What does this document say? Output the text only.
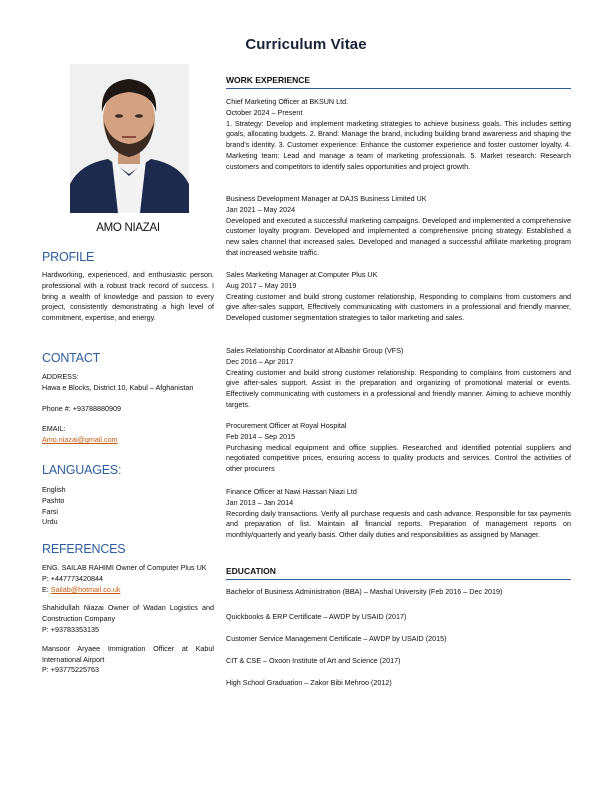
Curriculum Vitae
AMO NIAZAI
PROFILE
Hardworking, experienced, and enthusiastic person. professional with a robust track record of success. I bring a wealth of knowledge and passion to every project, consistently demonstrating a high level of commitment, expertise, and energy.
CONTACT
ADDRESS:
Hawa e Blocks, District 10, Kabul – Afghanistan
Phone #: +93788880909
EMAIL:
Amo.niazai@gmail.com
LANGUAGES:
English
Pashto
Farsi
Urdu
REFERENCES
ENG. SAILAB RAHIMI Owner of Computer Plus UK
P: +447773420844
E: Sailab@hotmail.co.uk
Shahidullah Niazai Owner of Wadan Logistics and Construction Company
P: +93783353135
Mansoor Aryaee Immigration Officer at Kabul International Airport
P: +93775225763
WORK EXPERIENCE
Chief Marketing Officer at BKSUN Ltd.
October 2024 – Present
1. Strategy: Develop and implement marketing strategies to achieve business goals. This includes setting goals, allocating budgets. 2. Brand: Manage the brand, including building brand awareness and shaping the brand's identity. 3. Customer experience: Enhance the customer experience and foster customer loyalty. 4. Marketing team: Lead and manage a team of marketing professionals. 5. Market research: Research customers and competitors to identify sales opportunities and project growth.
Business Development Manager at DAJS Business Limited UK
Jan 2021 – May 2024
Developed and executed a successful marketing campaigns. Developed and implemented a comprehensive customer loyalty program. Developed and implemented a comprehensive pricing strategy. Established a new sales channel that increased sales. Developed and managed a successful affiliate marketing program that increased website traffic.
Sales Marketing Manager at Computer Plus UK
Aug 2017 – May 2019
Creating customer and build strong customer relationship, Responding to complains from customers and give after-sales support, Effectively communicating with customers in a professional and friendly manner, Developed customer segmentation strategies to tailor marketing and sales.
Sales Relationship Coordinator at Albashir Group (VFS)
Dec 2016 – Apr 2017
Creating customer and build strong customer relationship. Responding to complains from customers and give after-sales support. Assist in the preparation and organizing of promotional material or events. Effectively communicating with customers in a professional and friendly manner. Aiming to achieve monthly targets.
Procurement Officer at Royal Hospital
Feb 2014 – Sep 2015
Purchasing medical equipment and office supplies. Researched and identified potential suppliers and negotiated competitive prices, ensuring access to quality products and services. Control the activities of other procurers
Finance Officer at Nawi Hassan Niazi Ltd
Jan 2013 – Jan 2014
Recording daily transactions. Verify all purchase requests and cash advance. Responsible for tax payments and preparation of list. Maintain all financial reports. Preparation of management reports on monthly/quarterly and yearly basis. Other daily duties and responsibilities as assigned by Manager.
EDUCATION
Bachelor of Business Administration (BBA) – Mashal University (Feb 2016 – Dec 2019)
Quickbooks & ERP Certificate – AWDP by USAID (2017)
Customer Service Management Certificate – AWDP by USAID (2015)
CIT & CSE – Oxoon Institute of Art and Science (2017)
High School Graduation – Zakor Bibi Mehroo (2012)
